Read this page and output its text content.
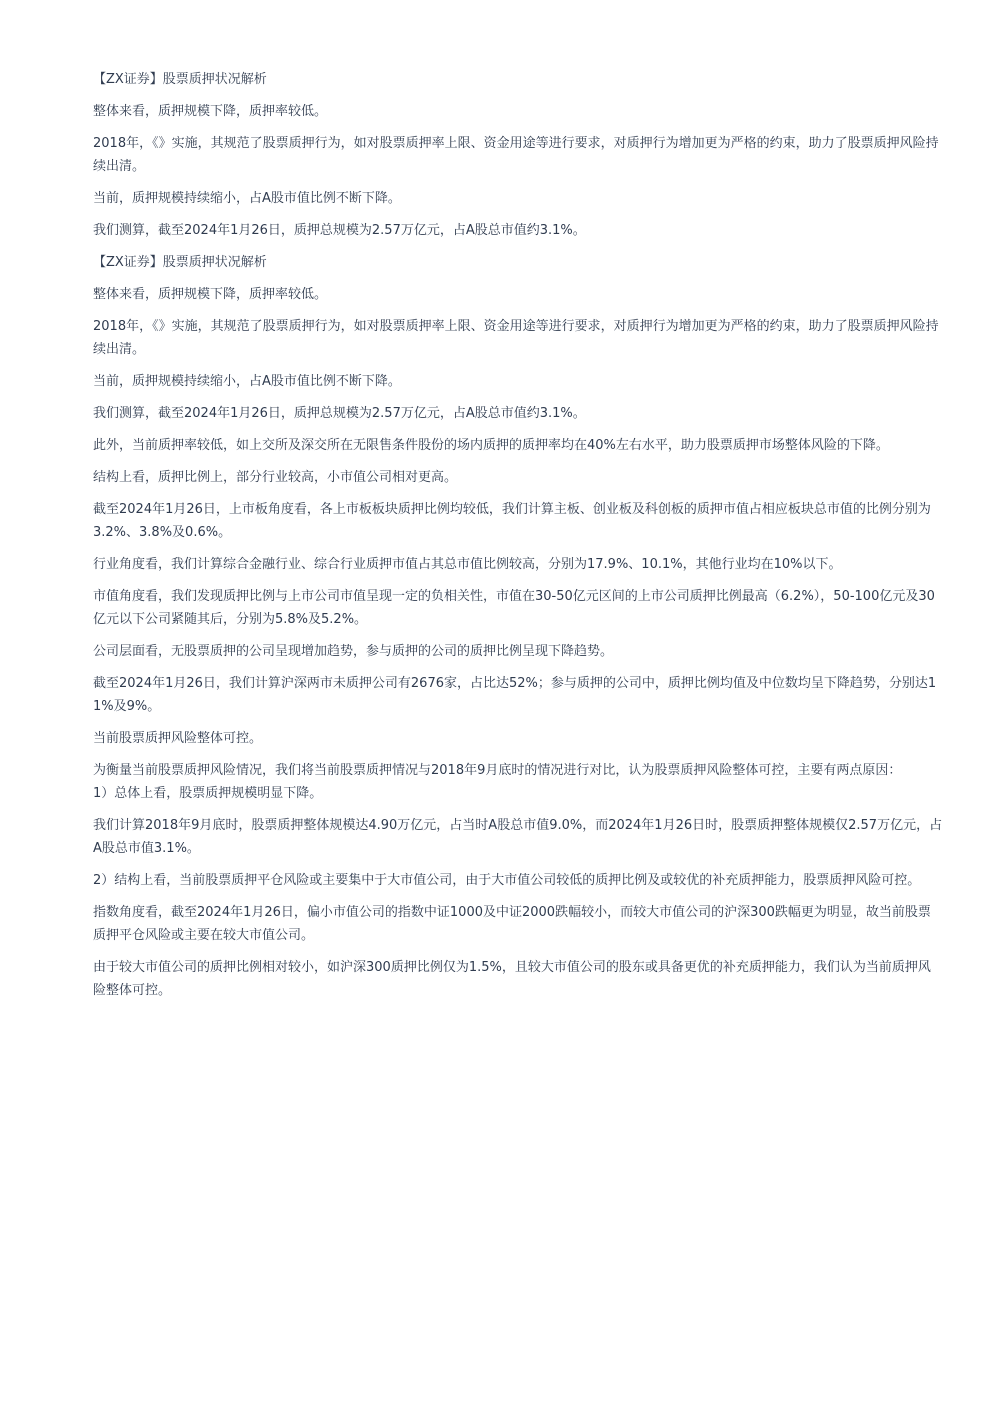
【ZX证券】股票质押状况解析

整体来看，质押规模下降，质押率较低。

2018年，《》实施，其规范了股票质押行为，如对股票质押率上限、资金用途等进行要求，对质押行为增加更为严格的约束，助力了股票质押风险持续出清。

当前，质押规模持续缩小，占A股市值比例不断下降。

我们测算，截至2024年1月26日，质押总规模为2.57万亿元，占A股总市值约3.1%。

【ZX证券】股票质押状况解析

整体来看，质押规模下降，质押率较低。

2018年，《》实施，其规范了股票质押行为，如对股票质押率上限、资金用途等进行要求，对质押行为增加更为严格的约束，助力了股票质押风险持续出清。

当前，质押规模持续缩小，占A股市值比例不断下降。

我们测算，截至2024年1月26日，质押总规模为2.57万亿元，占A股总市值约3.1%。

此外，当前质押率较低，如上交所及深交所在无限售条件股份的场内质押的质押率均在40%左右水平，助力股票质押市场整体风险的下降。

结构上看，质押比例上，部分行业较高，小市值公司相对更高。

截至2024年1月26日，上市板角度看，各上市板板块质押比例均较低，我们计算主板、创业板及科创板的质押市值占相应板块总市值的比例分别为3.2%、3.8%及0.6%。

行业角度看，我们计算综合金融行业、综合行业质押市值占其总市值比例较高，分别为17.9%、10.1%，其他行业均在10%以下。

市值角度看，我们发现质押比例与上市公司市值呈现一定的负相关性，市值在30-50亿元区间的上市公司质押比例最高（6.2%），50-100亿元及30亿元以下公司紧随其后，分别为5.8%及5.2%。

公司层面看，无股票质押的公司呈现增加趋势，参与质押的公司的质押比例呈现下降趋势。

截至2024年1月26日，我们计算沪深两市未质押公司有2676家，占比达52%；参与质押的公司中，质押比例均值及中位数均呈下降趋势，分别达11%及9%。

当前股票质押风险整体可控。

为衡量当前股票质押风险情况，我们将当前股票质押情况与2018年9月底时的情况进行对比，认为股票质押风险整体可控，主要有两点原因：

1）总体上看，股票质押规模明显下降。

我们计算2018年9月底时，股票质押整体规模达4.90万亿元，占当时A股总市值9.0%，而2024年1月26日时，股票质押整体规模仅2.57万亿元，占A股总市值3.1%。

2）结构上看，当前股票质押平仓风险或主要集中于大市值公司，由于大市值公司较低的质押比例及或较优的补充质押能力，股票质押风险可控。

指数角度看，截至2024年1月26日，偏小市值公司的指数中证1000及中证2000跌幅较小，而较大市值公司的沪深300跌幅更为明显，故当前股票质押平仓风险或主要在较大市值公司。

由于较大市值公司的质押比例相对较小，如沪深300质押比例仅为1.5%，且较大市值公司的股东或具备更优的补充质押能力，我们认为当前质押风险整体可控。
